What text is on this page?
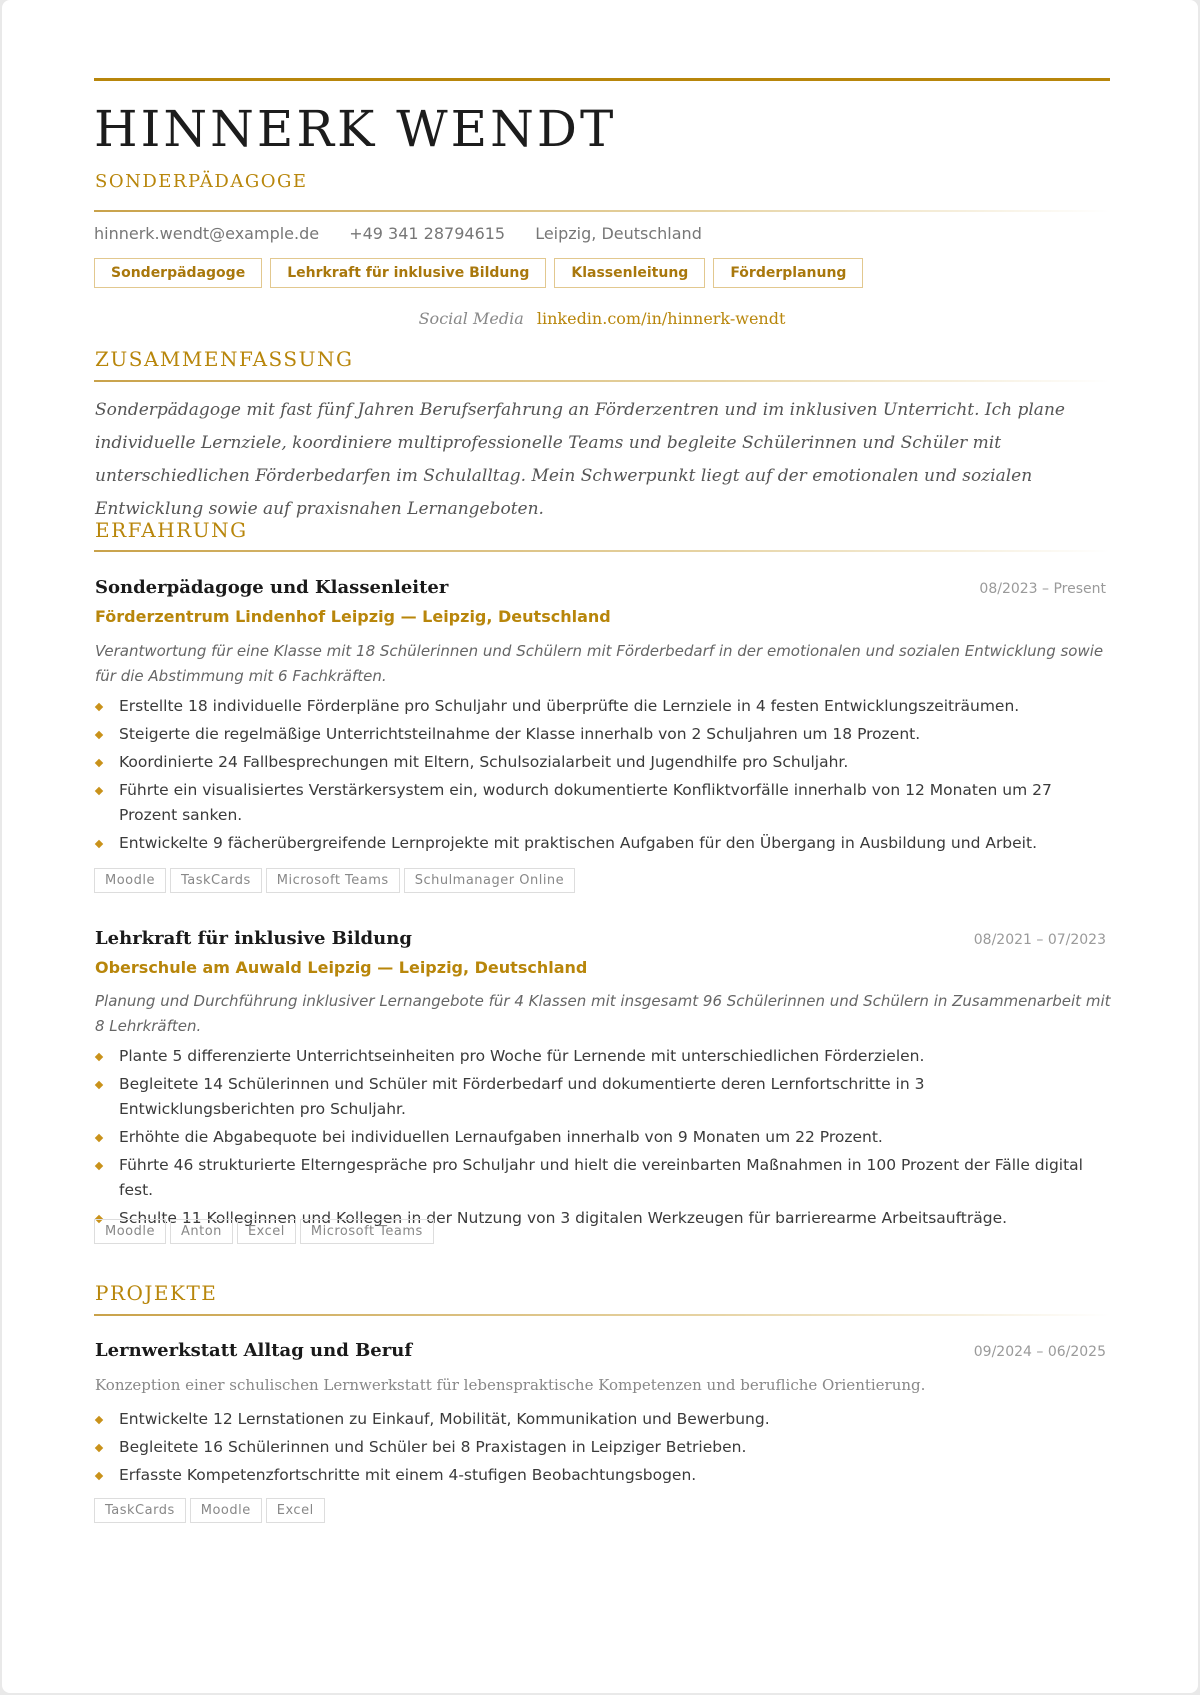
HINNERK WENDT
SONDERPÄDAGOGE
hinnerk.wendt@example.de +49 341 28794615 Leipzig, Deutschland
Sonderpädagoge	Lehrkraft für inklusive Bildung	Klassenleitung	Förderplanung
Social Media linkedin.com/in/hinnerk-wendt
ZUSAMMENFASSUNG
Sonderpädagoge mit fast fünf Jahren Berufserfahrung an Förderzentren und im inklusiven Unterricht. Ich plane individuelle Lernziele, koordiniere multiprofessionelle Teams und begleite Schülerinnen und Schüler mit unterschiedlichen Förderbedarfen im Schulalltag. Mein Schwerpunkt liegt auf der emotionalen und sozialen Entwicklung sowie auf praxisnahen Lernangeboten.
ERFAHRUNG
Sonderpädagoge und Klassenleiter	08/2023 – Present
Förderzentrum Lindenhof Leipzig — Leipzig, Deutschland
Verantwortung für eine Klasse mit 18 Schülerinnen und Schülern mit Förderbedarf in der emotionalen und sozialen Entwicklung sowie für die Abstimmung mit 6 Fachkräften.
Erstellte 18 individuelle Förderpläne pro Schuljahr und überprüfte die Lernziele in 4 festen Entwicklungszeiträumen.
Steigerte die regelmäßige Unterrichtsteilnahme der Klasse innerhalb von 2 Schuljahren um 18 Prozent.
Koordinierte 24 Fallbesprechungen mit Eltern, Schulsozialarbeit und Jugendhilfe pro Schuljahr.
Führte ein visualisiertes Verstärkersystem ein, wodurch dokumentierte Konfliktvorfälle innerhalb von 12 Monaten um 27 Prozent sanken.
Entwickelte 9 fächerübergreifende Lernprojekte mit praktischen Aufgaben für den Übergang in Ausbildung und Arbeit.
Moodle	TaskCards	Microsoft Teams	Schulmanager Online
Lehrkraft für inklusive Bildung	08/2021 – 07/2023
Oberschule am Auwald Leipzig — Leipzig, Deutschland
Planung und Durchführung inklusiver Lernangebote für 4 Klassen mit insgesamt 96 Schülerinnen und Schülern in Zusammenarbeit mit 8 Lehrkräften.
Plante 5 differenzierte Unterrichtseinheiten pro Woche für Lernende mit unterschiedlichen Förderzielen.
Begleitete 14 Schülerinnen und Schüler mit Förderbedarf und dokumentierte deren Lernfortschritte in 3 Entwicklungsberichten pro Schuljahr.
Erhöhte die Abgabequote bei individuellen Lernaufgaben innerhalb von 9 Monaten um 22 Prozent.
Führte 46 strukturierte Elterngespräche pro Schuljahr und hielt die vereinbarten Maßnahmen in 100 Prozent der Fälle digital fest.
Schulte 11 Kolleginnen und Kollegen in der Nutzung von 3 digitalen Werkzeugen für barrierearme Arbeitsaufträge.
Moodle	Anton	Excel	Microsoft Teams
PROJEKTE
Lernwerkstatt Alltag und Beruf	09/2024 – 06/2025
Konzeption einer schulischen Lernwerkstatt für lebenspraktische Kompetenzen und berufliche Orientierung.
Entwickelte 12 Lernstationen zu Einkauf, Mobilität, Kommunikation und Bewerbung.
Begleitete 16 Schülerinnen und Schüler bei 8 Praxistagen in Leipziger Betrieben.
Erfasste Kompetenzfortschritte mit einem 4-stufigen Beobachtungsbogen.
TaskCards	Moodle	Excel
